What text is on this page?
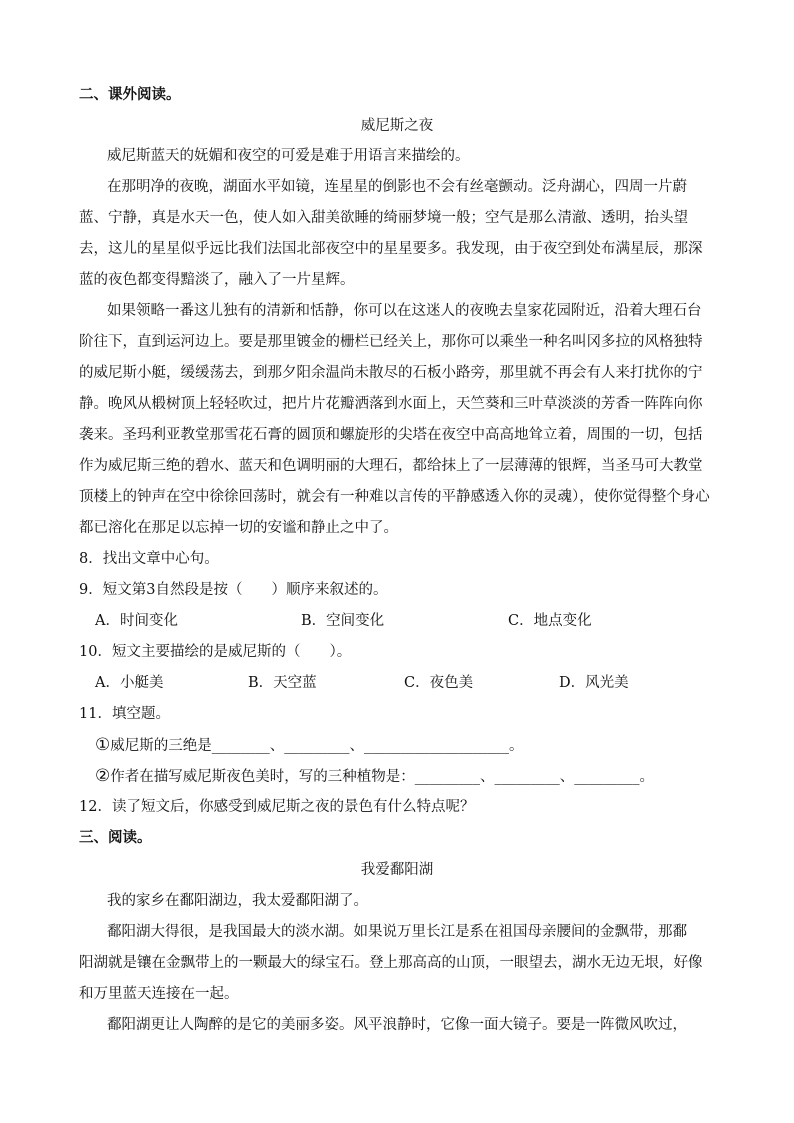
二、课外阅读。
威尼斯之夜
威尼斯蓝天的妩媚和夜空的可爱是难于用语言来描绘的。
在那明净的夜晚，湖面水平如镜，连星星的倒影也不会有丝毫颤动。泛舟湖心，四周一片蔚
蓝、宁静，真是水天一色，使人如入甜美欲睡的绮丽梦境一般；空气是那么清澈、透明，抬头望
去，这儿的星星似乎远比我们法国北部夜空中的星星要多。我发现，由于夜空到处布满星辰，那深
蓝的夜色都变得黯淡了，融入了一片星辉。
如果领略一番这儿独有的清新和恬静，你可以在这迷人的夜晚去皇家花园附近，沿着大理石台
阶往下，直到运河边上。要是那里镀金的栅栏已经关上，那你可以乘坐一种名叫冈多拉的风格独特
的威尼斯小艇，缓缓荡去，到那夕阳余温尚未散尽的石板小路旁，那里就不再会有人来打扰你的宁
静。晚风从椴树顶上轻轻吹过，把片片花瓣洒落到水面上，天竺葵和三叶草淡淡的芳香一阵阵向你
袭来。圣玛利亚教堂那雪花石膏的圆顶和螺旋形的尖塔在夜空中高高地耸立着，周围的一切，包括
作为威尼斯三绝的碧水、蓝天和色调明丽的大理石，都给抹上了一层薄薄的银辉，当圣马可大教堂
顶楼上的钟声在空中徐徐回荡时，就会有一种难以言传的平静感透入你的灵魂），使你觉得整个身心
都已溶化在那足以忘掉一切的安谧和静止之中了。
8．找出文章中心句。
9．短文第3自然段是按（　　）顺序来叙述的。
A．时间变化	B．空间变化	C．地点变化
10．短文主要描绘的是威尼斯的（　　）。
A．小艇美	B．天空蓝	C．夜色美	D．风光美
11．填空题。
①威尼斯的三绝是________、_________、____________________。
②作者在描写威尼斯夜色美时，写的三种植物是：_________、_________、_________。
12．读了短文后，你感受到威尼斯之夜的景色有什么特点呢？
三、阅读。
我爱鄱阳湖
我的家乡在鄱阳湖边，我太爱鄱阳湖了。
鄱阳湖大得很，是我国最大的淡水湖。如果说万里长江是系在祖国母亲腰间的金飘带，那鄱
阳湖就是镶在金飘带上的一颗最大的绿宝石。登上那高高的山顶，一眼望去，湖水无边无垠，好像
和万里蓝天连接在一起。
鄱阳湖更让人陶醉的是它的美丽多姿。风平浪静时，它像一面大镜子。要是一阵微风吹过，
